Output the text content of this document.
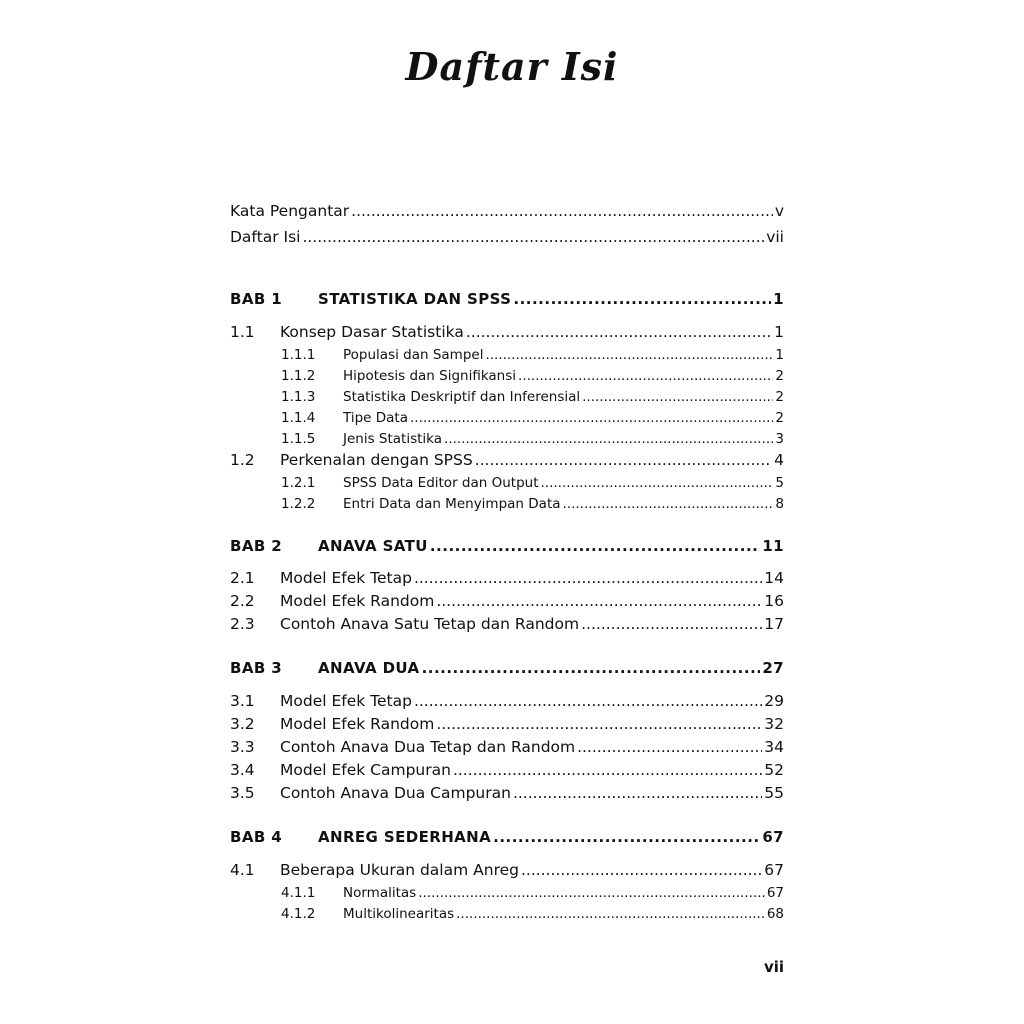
Daftar Isi
Kata Pengantar .....	v
Daftar Isi .....	vii
BAB 1	STATISTIKA DAN SPSS .....	1
1.1	Konsep Dasar Statistika .....	1
1.1.1	Populasi dan Sampel .....	1
1.1.2	Hipotesis dan Signifikansi .....	2
1.1.3	Statistika Deskriptif dan Inferensial .....	2
1.1.4	Tipe Data .....	2
1.1.5	Jenis Statistika .....	3
1.2	Perkenalan dengan SPSS .....	4
1.2.1	SPSS Data Editor dan Output .....	5
1.2.2	Entri Data dan Menyimpan Data .....	8
BAB 2	ANAVA SATU .....	11
2.1	Model Efek Tetap .....	14
2.2	Model Efek Random .....	16
2.3	Contoh Anava Satu Tetap dan Random .....	17
BAB 3	ANAVA DUA .....	27
3.1	Model Efek Tetap .....	29
3.2	Model Efek Random .....	32
3.3	Contoh Anava Dua Tetap dan Random .....	34
3.4	Model Efek Campuran .....	52
3.5	Contoh Anava Dua Campuran .....	55
BAB 4	ANREG SEDERHANA .....	67
4.1	Beberapa Ukuran dalam Anreg .....	67
4.1.1	Normalitas .....	67
4.1.2	Multikolinearitas .....	68
vii
